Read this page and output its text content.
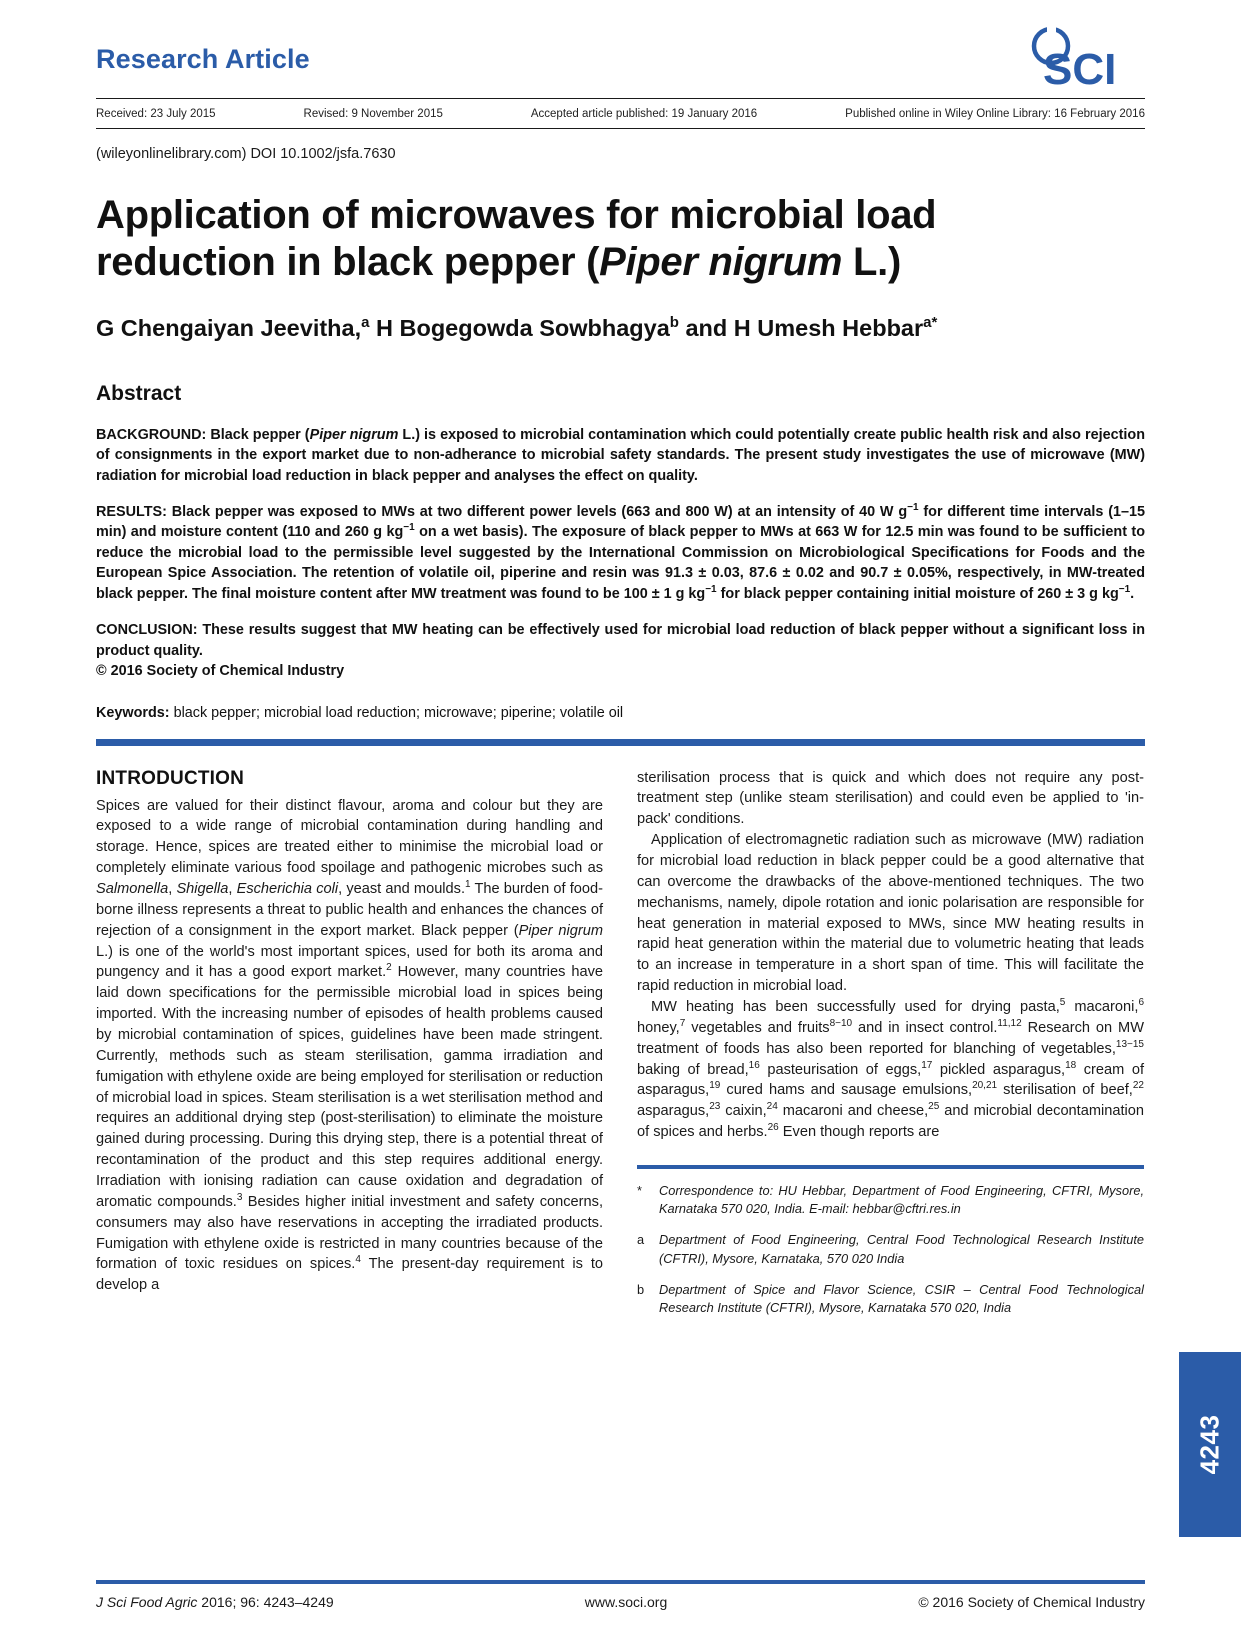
Research Article	SCI
Received: 23 July 2015	Revised: 9 November 2015	Accepted article published: 19 January 2016	Published online in Wiley Online Library: 16 February 2016
(wileyonlinelibrary.com) DOI 10.1002/jsfa.7630
Application of microwaves for microbial load
reduction in black pepper (Piper nigrum L.)
G Chengaiyan Jeevitha,$^a$ H Bogegowda Sowbhagya$^b$ and H Umesh Hebbar$^{a*}$
Abstract

BACKGROUND: Black pepper (Piper nigrum L.) is exposed to microbial contamination which could potentially create public health risk and also rejection of consignments in the export market due to non-adherance to microbial safety standards. The present study investigates the use of microwave (MW) radiation for microbial load reduction in black pepper and analyses the effect on quality.

RESULTS: Black pepper was exposed to MWs at two different power levels (663 and 800 W) at an intensity of 40 W $g^{-1}$ for different time intervals (1–15 min) and moisture content (110 and 260 g $kg^{-1}$ on a wet basis). The exposure of black pepper to MWs at 663 W for 12.5 min was found to be sufficient to reduce the microbial load to the permissible level suggested by the International Commission on Microbiological Specifications for Foods and the European Spice Association. The retention of volatile oil, piperine and resin was 91.3 ± 0.03, 87.6 ± 0.02 and 90.7 ± 0.05%, respectively, in MW-treated black pepper. The final moisture content after MW treatment was found to be 100 ± 1 g $kg^{-1}$ for black pepper containing initial moisture of 260 ± 3 g $kg^{-1}$.

CONCLUSION: These results suggest that MW heating can be effectively used for microbial load reduction of black pepper without a significant loss in product quality.
© 2016 Society of Chemical Industry

Keywords: black pepper; microbial load reduction; microwave; piperine; volatile oil
INTRODUCTION

Spices are valued for their distinct flavour, aroma and colour but they are exposed to a wide range of microbial contamination during handling and storage. Hence, spices are treated either to minimise the microbial load or completely eliminate various food spoilage and pathogenic microbes such as Salmonella, Shigella, Escherichia coli, yeast and moulds.$^1$ The burden of food-borne illness represents a threat to public health and enhances the chances of rejection of a consignment in the export market. Black pepper (Piper nigrum L.) is one of the world's most important spices, used for both its aroma and pungency and it has a good export market.$^2$ However, many countries have laid down specifications for the permissible microbial load in spices being imported. With the increasing number of episodes of health problems caused by microbial contamination of spices, guidelines have been made stringent. Currently, methods such as steam sterilisation, gamma irradiation and fumigation with ethylene oxide are being employed for sterilisation or reduction of microbial load in spices. Steam sterilisation is a wet sterilisation method and requires an additional drying step (post-sterilisation) to eliminate the moisture gained during processing. During this drying step, there is a potential threat of recontamination of the product and this step requires additional energy. Irradiation with ionising radiation can cause oxidation and degradation of aromatic compounds.$^3$ Besides higher initial investment and safety concerns, consumers may also have reservations in accepting the irradiated products. Fumigation with ethylene oxide is restricted in many countries because of the formation of toxic residues on spices.$^4$ The present-day requirement is to develop a

sterilisation process that is quick and which does not require any post-treatment step (unlike steam sterilisation) and could even be applied to 'in-pack' conditions.

Application of electromagnetic radiation such as microwave (MW) radiation for microbial load reduction in black pepper could be a good alternative that can overcome the drawbacks of the above-mentioned techniques. The two mechanisms, namely, dipole rotation and ionic polarisation are responsible for heat generation in material exposed to MWs, since MW heating results in rapid heat generation within the material due to volumetric heating that leads to an increase in temperature in a short span of time. This will facilitate the rapid reduction in microbial load.

MW heating has been successfully used for drying pasta,$^5$ macaroni,$^6$ honey,$^7$ vegetables and fruits$^{8-10}$ and in insect control.$^{11,12}$ Research on MW treatment of foods has also been reported for blanching of vegetables,$^{13-15}$ baking of bread,$^{16}$ pasteurisation of eggs,$^{17}$ pickled asparagus,$^{18}$ cream of asparagus,$^{19}$ cured hams and sausage emulsions,$^{20,21}$ sterilisation of beef,$^{22}$ asparagus,$^{23}$ caixin,$^{24}$ macaroni and cheese,$^{25}$ and microbial decontamination of spices and herbs.$^{26}$ Even though reports are

*	Correspondence to: HU Hebbar, Department of Food Engineering, CFTRI, Mysore, Karnataka 570 020, India. E-mail: hebbar@cftri.res.in
a	Department of Food Engineering, Central Food Technological Research Institute (CFTRI), Mysore, Karnataka, 570 020 India
b	Department of Spice and Flavor Science, CSIR – Central Food Technological Research Institute (CFTRI), Mysore, Karnataka 570 020, India
4243
J Sci Food Agric 2016; 96: 4243–4249	www.soci.org	© 2016 Society of Chemical Industry
